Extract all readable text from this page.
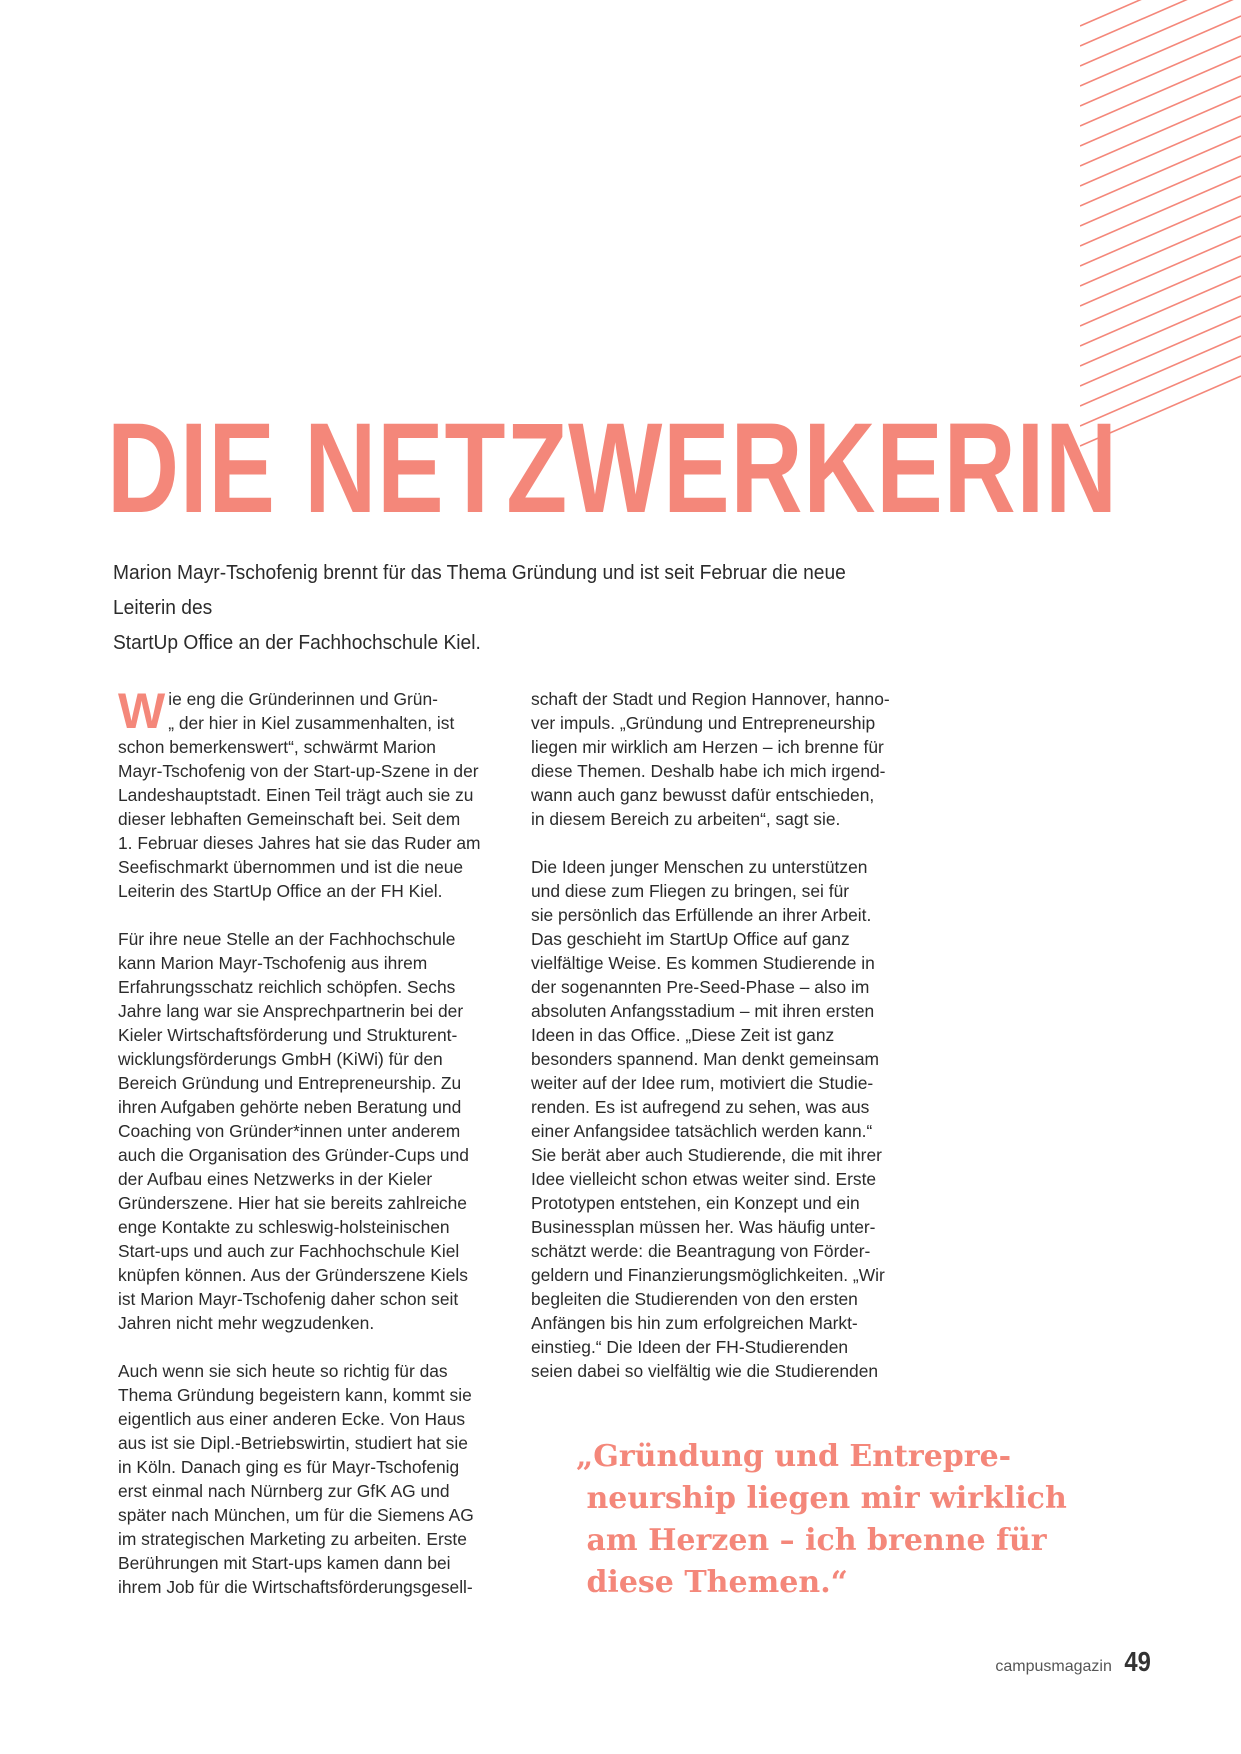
DIE NETZWERKERIN
Marion Mayr-Tschofenig brennt für das Thema Gründung und ist seit Februar die neue Leiterin des
StartUp Office an der Fachhochschule Kiel.

W ie eng die Gründerinnen und Grün-
„ der hier in Kiel zusammenhalten, ist
schon bemerkenswert“, schwärmt Marion
Mayr-Tschofenig von der Start-up-Szene in der
Landeshauptstadt. Einen Teil trägt auch sie zu
dieser lebhaften Gemeinschaft bei. Seit dem
1. Februar dieses Jahres hat sie das Ruder am
Seefischmarkt übernommen und ist die neue
Leiterin des StartUp Office an der FH Kiel.

Für ihre neue Stelle an der Fachhochschule
kann Marion Mayr-Tschofenig aus ihrem
Erfahrungsschatz reichlich schöpfen. Sechs
Jahre lang war sie Ansprechpartnerin bei der
Kieler Wirtschaftsförderung und Strukturent-
wicklungsförderungs GmbH (KiWi) für den
Bereich Gründung und Entrepreneurship. Zu
ihren Aufgaben gehörte neben Beratung und
Coaching von Gründer*innen unter anderem
auch die Organisation des Gründer-Cups und
der Aufbau eines Netzwerks in der Kieler
Gründerszene. Hier hat sie bereits zahlreiche
enge Kontakte zu schleswig-holsteinischen
Start-ups und auch zur Fachhochschule Kiel
knüpfen können. Aus der Gründerszene Kiels
ist Marion Mayr-Tschofenig daher schon seit
Jahren nicht mehr wegzudenken.

Auch wenn sie sich heute so richtig für das
Thema Gründung begeistern kann, kommt sie
eigentlich aus einer anderen Ecke. Von Haus
aus ist sie Dipl.-Betriebswirtin, studiert hat sie
in Köln. Danach ging es für Mayr-Tschofenig
erst einmal nach Nürnberg zur GfK AG und
später nach München, um für die Siemens AG
im strategischen Marketing zu arbeiten. Erste
Berührungen mit Start-ups kamen dann bei
ihrem Job für die Wirtschaftsförderungsgesell-

schaft der Stadt und Region Hannover, hanno-
ver impuls. „Gründung und Entrepreneurship
liegen mir wirklich am Herzen – ich brenne für
diese Themen. Deshalb habe ich mich irgend-
wann auch ganz bewusst dafür entschieden,
in diesem Bereich zu arbeiten“, sagt sie.

Die Ideen junger Menschen zu unterstützen
und diese zum Fliegen zu bringen, sei für
sie persönlich das Erfüllende an ihrer Arbeit.
Das geschieht im StartUp Office auf ganz
vielfältige Weise. Es kommen Studierende in
der sogenannten Pre-Seed-Phase – also im
absoluten Anfangsstadium – mit ihren ersten
Ideen in das Office. „Diese Zeit ist ganz
besonders spannend. Man denkt gemeinsam
weiter auf der Idee rum, motiviert die Studie-
renden. Es ist aufregend zu sehen, was aus
einer Anfangsidee tatsächlich werden kann.“
Sie berät aber auch Studierende, die mit ihrer
Idee vielleicht schon etwas weiter sind. Erste
Prototypen entstehen, ein Konzept und ein
Businessplan müssen her. Was häufig unter-
schätzt werde: die Beantragung von Förder-
geldern und Finanzierungsmöglichkeiten. „Wir
begleiten die Studierenden von den ersten
Anfängen bis hin zum erfolgreichen Markt-
einstieg.“ Die Ideen der FH-Studierenden
seien dabei so vielfältig wie die Studierenden

„Gründung und Entrepre-
neurship liegen mir wirklich
am Herzen – ich brenne für
diese Themen.“
campusmagazin 49
